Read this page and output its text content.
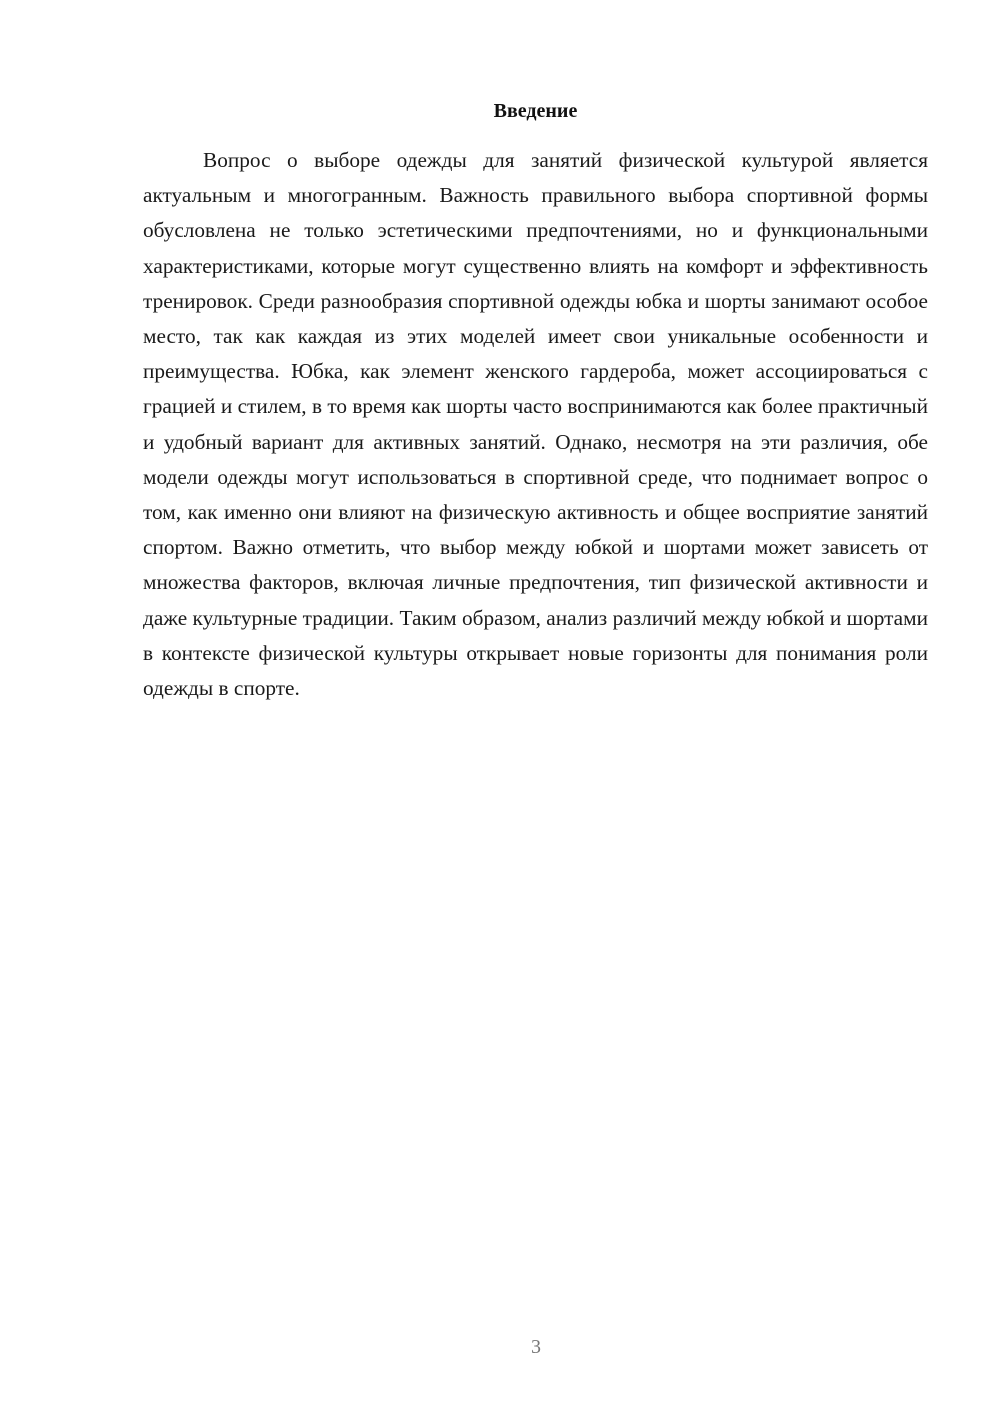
Введение

Вопрос о выборе одежды для занятий физической культурой является актуальным и многогранным. Важность правильного выбора спортивной формы обусловлена не только эстетическими предпочтениями, но и функциональными характеристиками, которые могут существенно влиять на комфорт и эффективность тренировок. Среди разнообразия спортивной одежды юбка и шорты занимают особое место, так как каждая из этих моделей имеет свои уникальные особенности и преимущества. Юбка, как элемент женского гардероба, может ассоциироваться с грацией и стилем, в то время как шорты часто воспринимаются как более практичный и удобный вариант для активных занятий. Однако, несмотря на эти различия, обе модели одежды могут использоваться в спортивной среде, что поднимает вопрос о том, как именно они влияют на физическую активность и общее восприятие занятий спортом. Важно отметить, что выбор между юбкой и шортами может зависеть от множества факторов, включая личные предпочтения, тип физической активности и даже культурные традиции. Таким образом, анализ различий между юбкой и шортами в контексте физической культуры открывает новые горизонты для понимания роли одежды в спорте.

3
